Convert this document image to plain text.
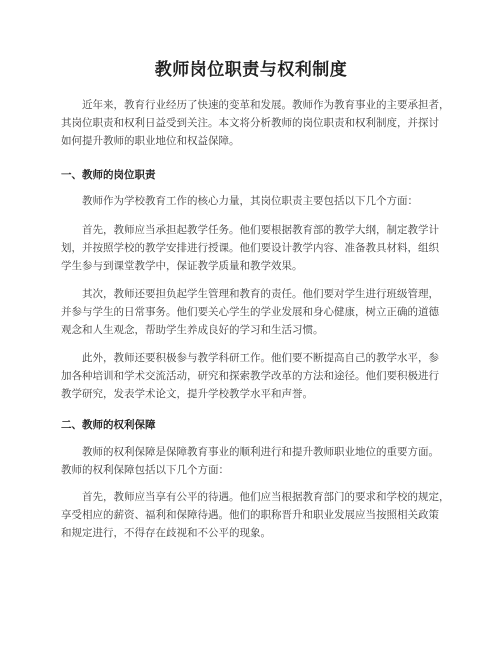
教师岗位职责与权利制度
近年来，教育行业经历了快速的变革和发展。教师作为教育事业的主要承担者，
其岗位职责和权利日益受到关注。本文将分析教师的岗位职责和权利制度，并探讨
如何提升教师的职业地位和权益保障。
一、教师的岗位职责
教师作为学校教育工作的核心力量，其岗位职责主要包括以下几个方面：
首先，教师应当承担起教学任务。他们要根据教育部的教学大纲，制定教学计
划，并按照学校的教学安排进行授课。他们要设计教学内容、准备教具材料，组织
学生参与到课堂教学中，保证教学质量和教学效果。
其次，教师还要担负起学生管理和教育的责任。他们要对学生进行班级管理，
并参与学生的日常事务。他们要关心学生的学业发展和身心健康，树立正确的道德
观念和人生观念，帮助学生养成良好的学习和生活习惯。
此外，教师还要积极参与教学科研工作。他们要不断提高自己的教学水平，参
加各种培训和学术交流活动，研究和探索教学改革的方法和途径。他们要积极进行
教学研究，发表学术论文，提升学校教学水平和声誉。
二、教师的权利保障
教师的权利保障是保障教育事业的顺利进行和提升教师职业地位的重要方面。
教师的权利保障包括以下几个方面：
首先，教师应当享有公平的待遇。他们应当根据教育部门的要求和学校的规定，
享受相应的薪资、福利和保障待遇。他们的职称晋升和职业发展应当按照相关政策
和规定进行，不得存在歧视和不公平的现象。
